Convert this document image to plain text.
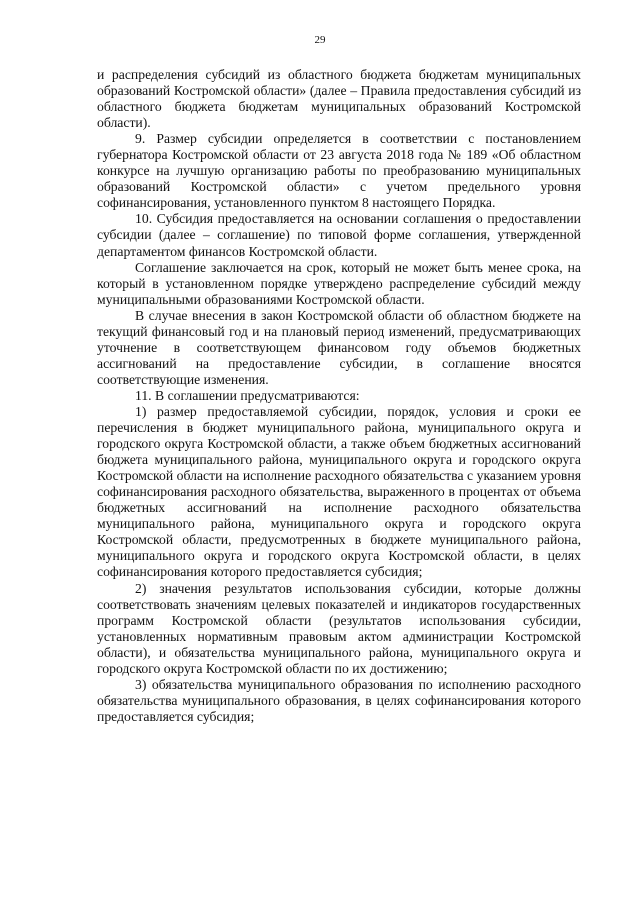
29

и распределения субсидий из областного бюджета бюджетам муниципальных образований Костромской области» (далее – Правила предоставления субсидий из областного бюджета бюджетам муниципальных образований Костромской области).

9. Размер субсидии определяется в соответствии с постановлением губернатора Костромской области от 23 августа 2018 года № 189 «Об областном конкурсе на лучшую организацию работы по преобразованию муниципальных образований Костромской области» с учетом предельного уровня софинансирования, установленного пунктом 8 настоящего Порядка.

10. Субсидия предоставляется на основании соглашения о предоставлении субсидии (далее – соглашение) по типовой форме соглашения, утвержденной департаментом финансов Костромской области.

Соглашение заключается на срок, который не может быть менее срока, на который в установленном порядке утверждено распределение субсидий между муниципальными образованиями Костромской области.

В случае внесения в закон Костромской области об областном бюджете на текущий финансовый год и на плановый период изменений, предусматривающих уточнение в соответствующем финансовом году объемов бюджетных ассигнований на предоставление субсидии, в соглашение вносятся соответствующие изменения.

11. В соглашении предусматриваются:

1) размер предоставляемой субсидии, порядок, условия и сроки ее перечисления в бюджет муниципального района, муниципального округа и городского округа Костромской области, а также объем бюджетных ассигнований бюджета муниципального района, муниципального округа и городского округа Костромской области на исполнение расходного обязательства с указанием уровня софинансирования расходного обязательства, выраженного в процентах от объема бюджетных ассигнований на исполнение расходного обязательства муниципального района, муниципального округа и городского округа Костромской области, предусмотренных в бюджете муниципального района, муниципального округа и городского округа Костромской области, в целях софинансирования которого предоставляется субсидия;

2) значения результатов использования субсидии, которые должны соответствовать значениям целевых показателей и индикаторов государственных программ Костромской области (результатов использования субсидии, установленных нормативным правовым актом администрации Костромской области), и обязательства муниципального района, муниципального округа и городского округа Костромской области по их достижению;

3) обязательства муниципального образования по исполнению расходного обязательства муниципального образования, в целях софинансирования которого предоставляется субсидия;
